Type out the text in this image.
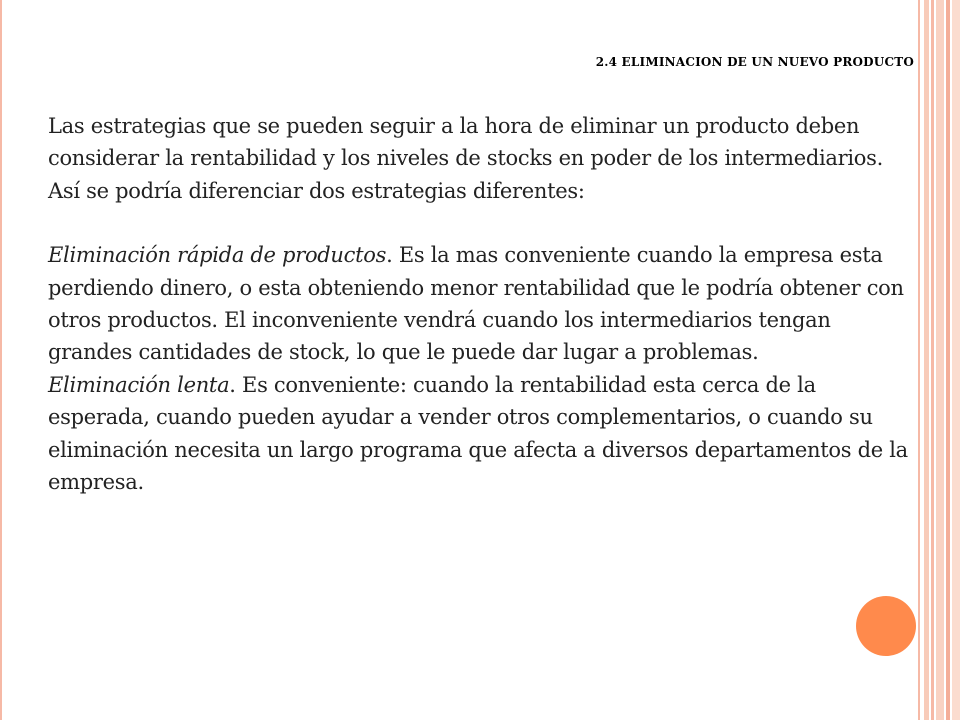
2.4 ELIMINACION DE UN NUEVO PRODUCTO

Las estrategias que se pueden seguir a la hora de eliminar un producto deben considerar la rentabilidad y los niveles de stocks en poder de los intermediarios. Así se podría diferenciar dos estrategias diferentes:

Eliminación rápida de productos. Es la mas conveniente cuando la empresa esta perdiendo dinero, o esta obteniendo menor rentabilidad que le podría obtener con otros productos. El inconveniente vendrá cuando los intermediarios tengan grandes cantidades de stock, lo que le puede dar lugar a problemas.

Eliminación lenta. Es conveniente: cuando la rentabilidad esta cerca de la esperada, cuando pueden ayudar a vender otros complementarios, o cuando su eliminación necesita un largo programa que afecta a diversos departamentos de la empresa.
